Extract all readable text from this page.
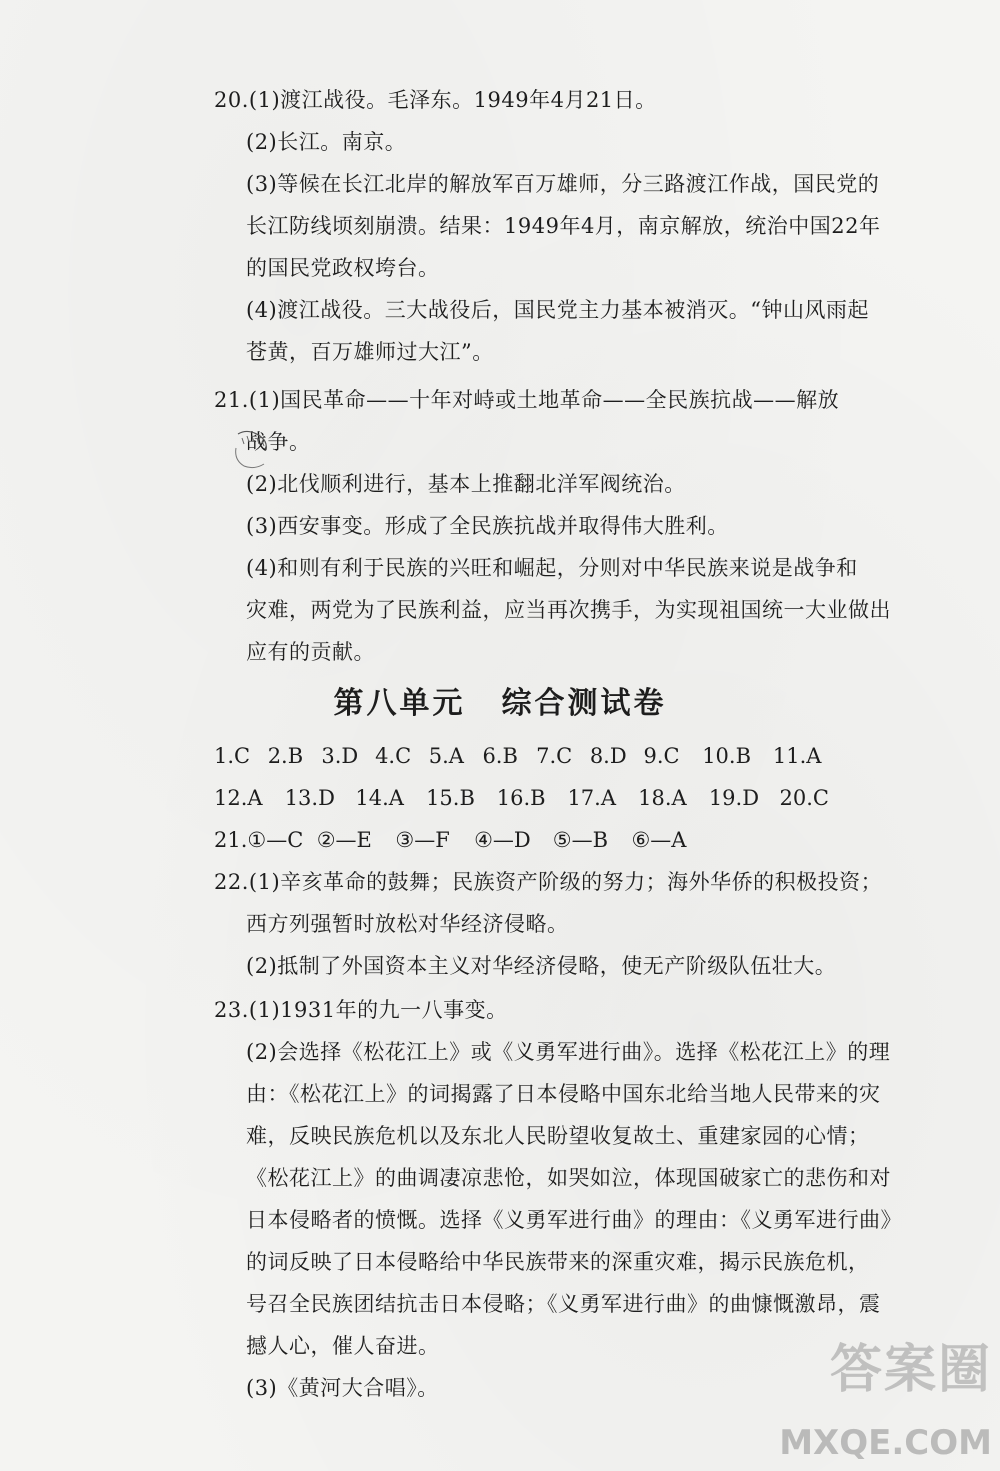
20.(1)渡江战役。毛泽东。1949年4月21日。
(2)长江。南京。
(3)等候在长江北岸的解放军百万雄师，分三路渡江作战，国民党的
长江防线顷刻崩溃。结果：1949年4月，南京解放，统治中国22年
的国民党政权垮台。
(4)渡江战役。三大战役后，国民党主力基本被消灭。“钟山风雨起
苍黄，百万雄师过大江”。
21.(1)国民革命——十年对峙或土地革命——全民族抗战——解放
战争。
(2)北伐顺利进行，基本上推翻北洋军阀统治。
(3)西安事变。形成了全民族抗战并取得伟大胜利。
(4)和则有利于民族的兴旺和崛起，分则对中华民族来说是战争和
灾难，两党为了民族利益，应当再次携手，为实现祖国统一大业做出
应有的贡献。
第八单元 综合测试卷
1.C 2.B 3.D 4.C 5.A 6.B 7.C 8.D 9.C 10.B 11.A
12.A 13.D 14.A 15.B 16.B 17.A 18.A 19.D 20.C
21.①—C ②—E ③—F ④—D ⑤—B ⑥—A
22.(1)辛亥革命的鼓舞；民族资产阶级的努力；海外华侨的积极投资；
西方列强暂时放松对华经济侵略。
(2)抵制了外国资本主义对华经济侵略，使无产阶级队伍壮大。
23.(1)1931年的九一八事变。
(2)会选择《松花江上》或《义勇军进行曲》。选择《松花江上》的理
由：《松花江上》的词揭露了日本侵略中国东北给当地人民带来的灾
难，反映民族危机以及东北人民盼望收复故土、重建家园的心情；
《松花江上》的曲调凄凉悲怆，如哭如泣，体现国破家亡的悲伤和对
日本侵略者的愤慨。选择《义勇军进行曲》的理由：《义勇军进行曲》
的词反映了日本侵略给中华民族带来的深重灾难，揭示民族危机，
号召全民族团结抗击日本侵略；《义勇军进行曲》的曲慷慨激昂，震
撼人心，催人奋进。
(3)《黄河大合唱》。	答案圈
MXQE.COM
